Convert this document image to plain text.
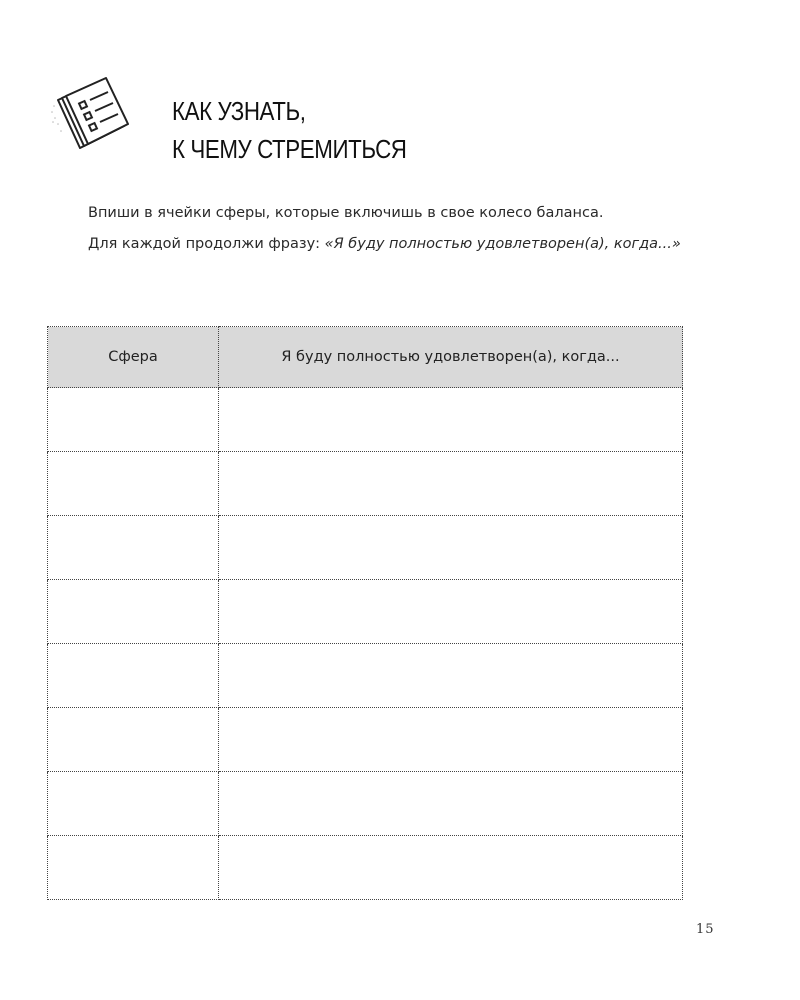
КАК УЗНАТЬ,
К ЧЕМУ СТРЕМИТЬСЯ

Впиши в ячейки сферы, которые включишь в свое колесо баланса.

Для каждой продолжи фразу: «Я буду полностью удовлетворен(а), когда...»

Сфера	Я буду полностью удовлетворен(а), когда...

15
